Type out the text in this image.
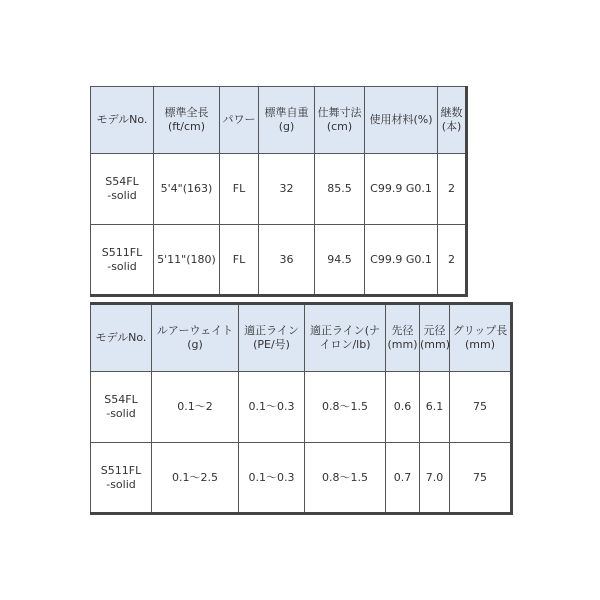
モデルNo.	標準全長(ft/cm)	パワー	標準自重(g)	仕舞寸法(cm)	使用材料(%)	継数(本)

S54FL
-solid	5'4"(163)	FL	32	85.5	C99.9 G0.1	2

S511FL
-solid	5'11"(180)	FL	36	94.5	C99.9 G0.1	2
モデルNo.	ルアーウェイト(g)	適正ライン(PE/号)	適正ライン(ナイロン/lb)	先径(mm)	元径(mm)	グリップ長(mm)

S54FL
-solid	0.1〜2	0.1〜0.3	0.8〜1.5	0.6	6.1	75

S511FL
-solid	0.1〜2.5	0.1〜0.3	0.8〜1.5	0.7	7.0	75
